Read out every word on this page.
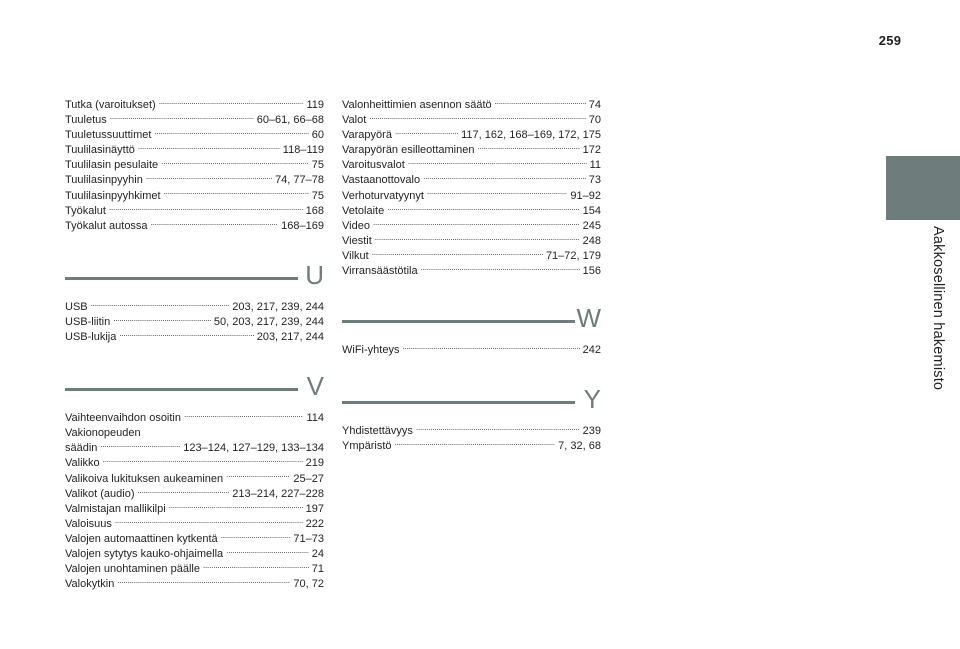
259
Aakkosellinen hakemisto
Tutka (varoitukset) . . .	119
Tuuletus . . .	60–61, 66–68
Tuuletussuuttimet . . .	60
Tuulilasinäyttö . . .	118–119
Tuulilasin pesulaite . . .	75
Tuulilasinpyyhin . . .	74, 77–78
Tuulilasinpyyhkimet . . .	75
Työkalut . . .	168
Työkalut autossa . . .	168–169
U
USB . . .	203, 217, 239, 244
USB-liitin . . .	50, 203, 217, 239, 244
USB-lukija . . .	203, 217, 244
V
Vaihteenvaihdon osoitin . . .	114
Vakionopeuden
säädin . . .	123–124, 127–129, 133–134
Valikko . . .	219
Valikoiva lukituksen aukeaminen . . .	25–27
Valikot (audio) . . .	213–214, 227–228
Valmistajan mallikilpi . . .	197
Valoisuus . . .	222
Valojen automaattinen kytkentä . . .	71–73
Valojen sytytys kauko-ohjaimella . . .	24
Valojen unohtaminen päälle . . .	71
Valokytkin . . .	70, 72
Valonheittimien asennon säätö . . .	74
Valot . . .	70
Varapyörä . . .	117, 162, 168–169, 172, 175
Varapyörän esilleottaminen . . .	172
Varoitusvalot . . .	11
Vastaanottovalo . . .	73
Verhoturvatyynyt . . .	91–92
Vetolaite . . .	154
Video . . .	245
Viestit . . .	248
Vilkut . . .	71–72, 179
Virransäästötila . . .	156
W
WiFi-yhteys . . .	242
Y
Yhdistettävyys . . .	239
Ympäristö . . .	7, 32, 68
